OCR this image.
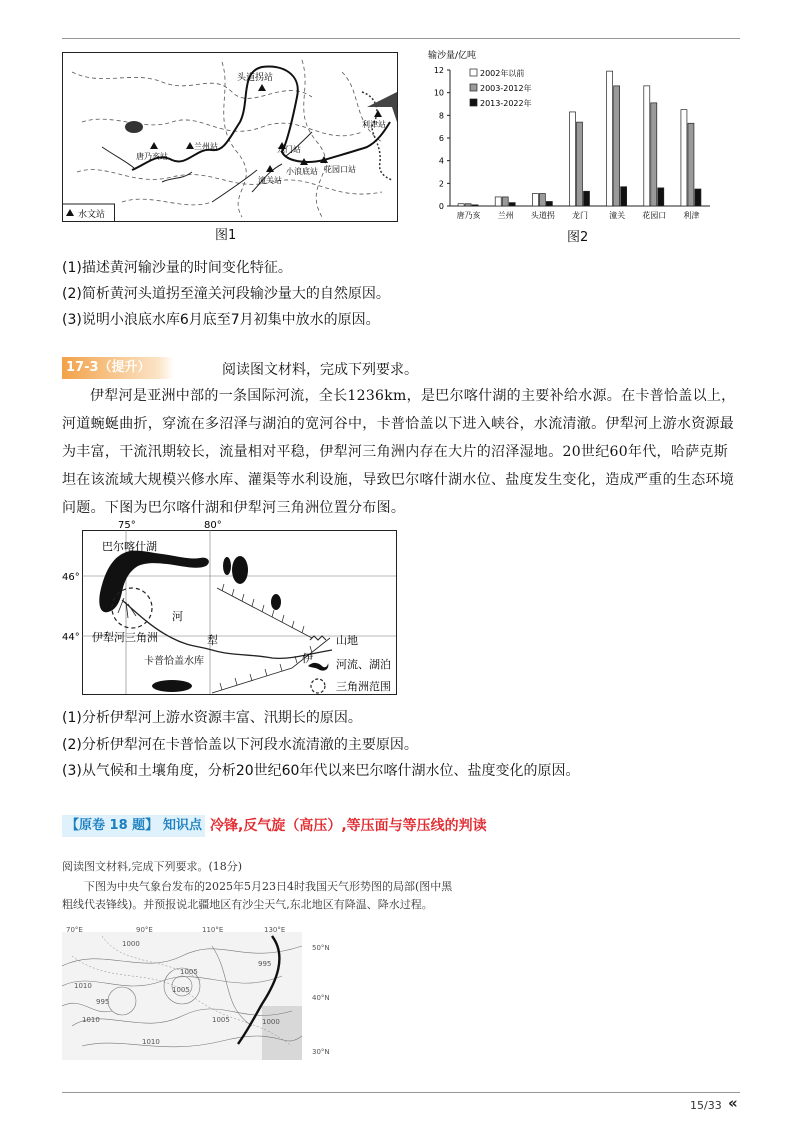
头道拐站
利津站
兰州站	龙门站
唐乃亥站
潼关站
小浪底站 花园口站
水文站
图1
输沙量/亿吨
0
2
4
6
8
10
12
唐乃亥 兰州 头道拐 龙门	潼关 花园口 利津
2002年以前
2003-2012年
2013-2022年
图2
(1)描述黄河输沙量的时间变化特征。
(2)简析黄河头道拐至潼关河段输沙量大的自然原因。
(3)说明小浪底水库6月底至7月初集中放水的原因。
17-3（提升）	阅读图文材料，完成下列要求。
伊犁河是亚洲中部的一条国际河流，全长1236km，是巴尔喀什湖的主要补给水源。在卡普恰盖以上，河道蜿蜒曲折，穿流在多沼泽与湖泊的宽河谷中，卡普恰盖以下进入峡谷，水流清澈。伊犁河上游水资源最为丰富，干流汛期较长，流量相对平稳，伊犁河三角洲内存在大片的沼泽湿地。20世纪60年代，哈萨克斯坦在该流域大规模兴修水库、灌渠等水利设施，导致巴尔喀什湖水位、盐度发生变化，造成严重的生态环境问题。下图为巴尔喀什湖和伊犁河三角洲位置分布图。
75°	80°
46°
44°
巴尔喀什湖
河
犁
伊
伊犁河三角洲
卡普恰盖水库
山地
河流、湖泊
三角洲范围
(1)分析伊犁河上游水资源丰富、汛期长的原因。
(2)分析伊犁河在卡普恰盖以下河段水流清澈的主要原因。
(3)从气候和土壤角度，分析20世纪60年代以来巴尔喀什湖水位、盐度变化的原因。
【原卷 18 题】 知识点 冷锋,反气旋（高压）,等压面与等压线的判读
阅读图文材料,完成下列要求。(18分)
下图为中央气象台发布的2025年5月23日4时我国天气形势图的局部(图中黑粗线代表锋线)。并预报说北疆地区有沙尘天气,东北地区有降温、降水过程。
70°E	90°E	110°E	130°E
50°N
40°N
30°N
1000
1005
1010
995
1005
1010	1000
1010
995
1005
15/33 «
